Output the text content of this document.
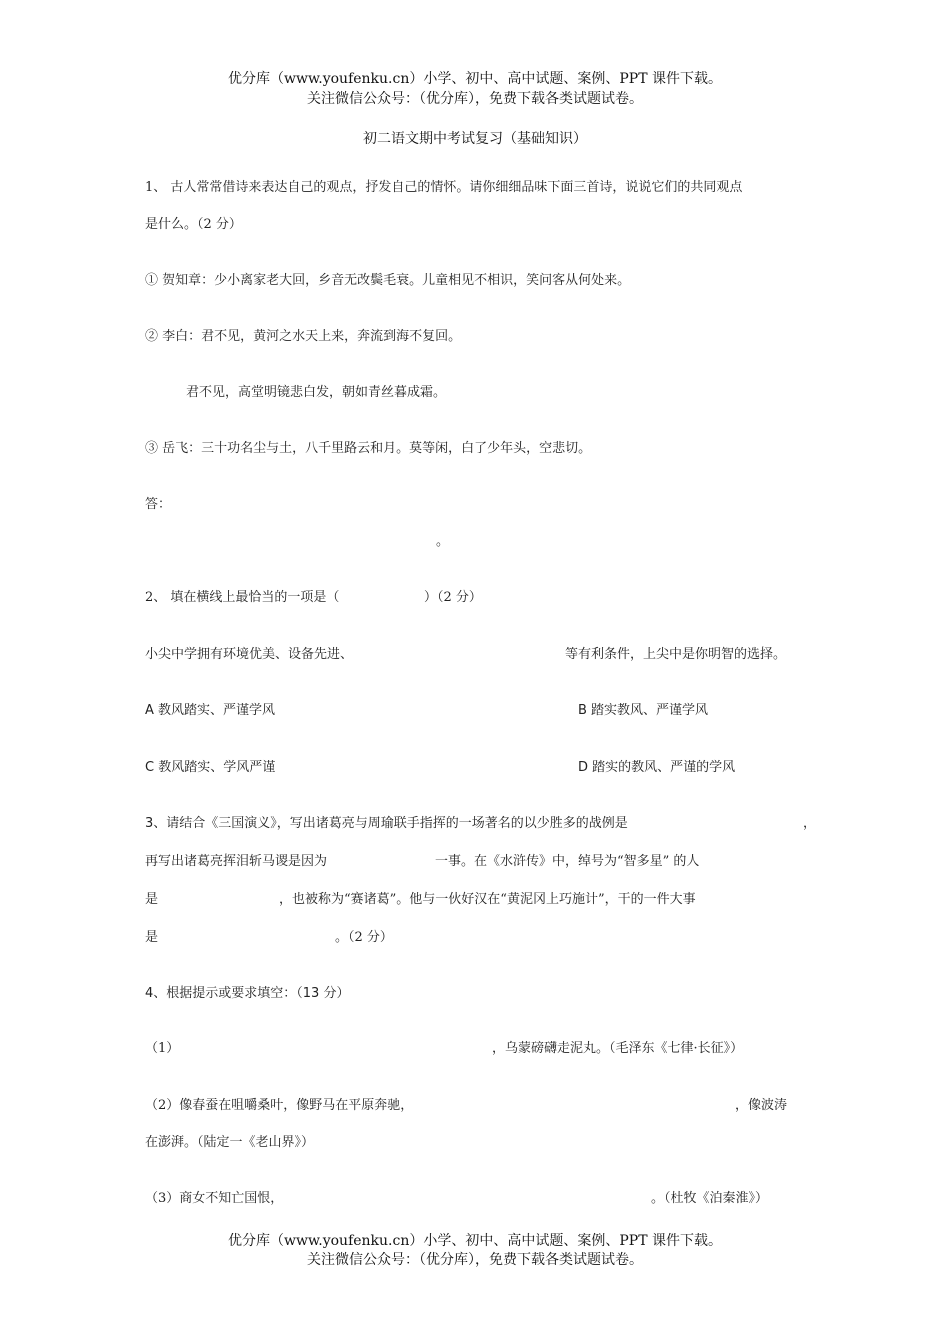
优分库（www.youfenku.cn）小学、初中、高中试题、案例、PPT 课件下载。
关注微信公众号：（优分库），免费下载各类试题试卷。
初二语文期中考试复习（基础知识）
1、 古人常常借诗来表达自己的观点，抒发自己的情怀。请你细细品味下面三首诗，说说它们的共同观点
是什么。（2 分）
① 贺知章：少小离家老大回，乡音无改鬓毛衰。儿童相见不相识，笑问客从何处来。
② 李白：君不见，黄河之水天上来，奔流到海不复回。
君不见，高堂明镜悲白发，朝如青丝暮成霜。
③ 岳飞：三十功名尘与土，八千里路云和月。莫等闲，白了少年头，空悲切。
答：
。
2、 填在横线上最恰当的一项是（	）（2 分）
小尖中学拥有环境优美、设备先进、	等有利条件，上尖中是你明智的选择。
A 教风踏实、严谨学风	B 踏实教风、严谨学风
C 教风踏实、学风严谨	D 踏实的教风、严谨的学风
3、请结合《三国演义》，写出诸葛亮与周瑜联手指挥的一场著名的以少胜多的战例是	，
再写出诸葛亮挥泪斩马谡是因为	一事。在《水浒传》中，绰号为“智多星” 的人
是	，也被称为“赛诸葛”。他与一伙好汉在“黄泥冈上巧施计”，干的一件大事
是	。（2 分）
4、根据提示或要求填空：（13 分）
（1）	，乌蒙磅礴走泥丸。（毛泽东《七律·长征》）
（2）像春蚕在咀嚼桑叶，像野马在平原奔驰，	，像波涛
在澎湃。（陆定一《老山界》）
（3）商女不知亡国恨，	。（杜牧《泊秦淮》）
优分库（www.youfenku.cn）小学、初中、高中试题、案例、PPT 课件下载。
关注微信公众号：（优分库），免费下载各类试题试卷。
